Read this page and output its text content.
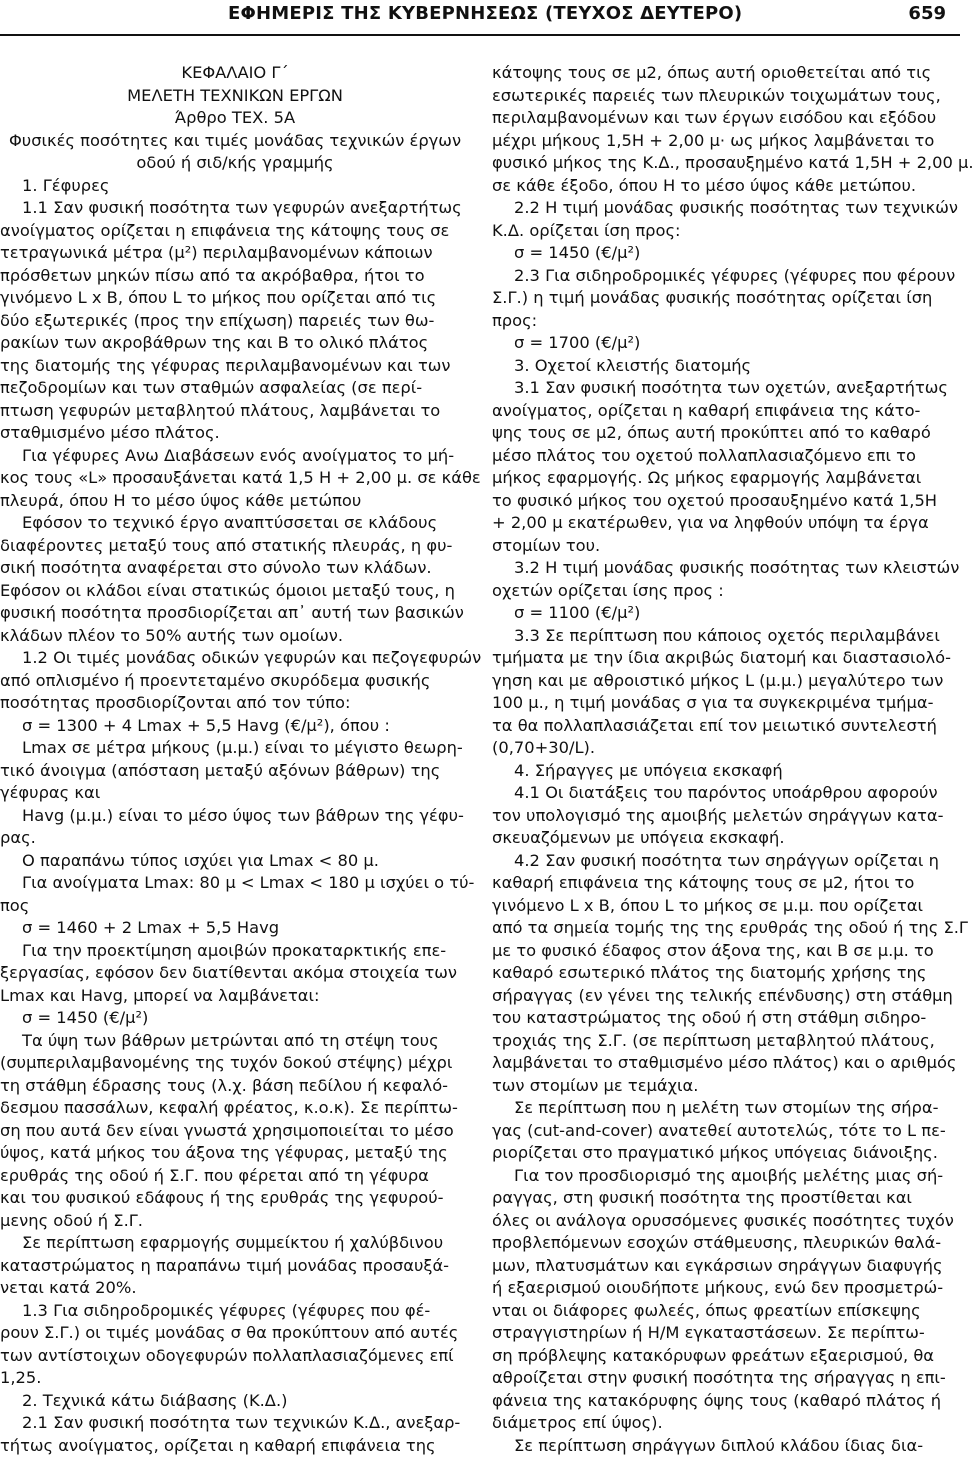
ΕΦΗΜΕΡΙΣ ΤΗΣ ΚΥΒΕΡΝΗΣΕΩΣ (ΤΕΥΧΟΣ ΔΕΥΤΕΡΟ)	659
ΚΕΦΑΛΑΙΟ Γ΄
ΜΕΛΕΤΗ ΤΕΧΝΙΚΩΝ ΕΡΓΩΝ
Άρθρο ΤΕΧ. 5Α
Φυσικές ποσότητες και τιμές μονάδας τεχνικών έργων
οδού ή σιδ/κής γραμμής
1. Γέφυρες
1.1 Σαν φυσική ποσότητα των γεφυρών ανεξαρτήτως
ανοίγματος ορίζεται η επιφάνεια της κάτοψης τους σε
τετραγωνικά μέτρα (μ²) περιλαμβανομένων κάποιων
πρόσθετων μηκών πίσω από τα ακρόβαθρα, ήτοι το
γινόμενο L x B, όπου L το μήκος που ορίζεται από τις
δύο εξωτερικές (προς την επίχωση) παρειές των θω-
ρακίων των ακροβάθρων της και B το ολικό πλάτος
της διατομής της γέφυρας περιλαμβανομένων και των
πεζοδρομίων και των σταθμών ασφαλείας (σε περί-
πτωση γεφυρών μεταβλητού πλάτους, λαμβάνεται το
σταθμισμένο μέσο πλάτος.
Για γέφυρες Ανω Διαβάσεων ενός ανοίγματος το μή-
κος τους «L» προσαυξάνεται κατά 1,5 Η + 2,00 μ. σε κάθε
πλευρά, όπου Η το μέσο ύψος κάθε μετώπου
Εφόσον το τεχνικό έργο αναπτύσσεται σε κλάδους
διαφέροντες μεταξύ τους από στατικής πλευράς, η φυ-
σική ποσότητα αναφέρεται στο σύνολο των κλάδων.
Εφόσον οι κλάδοι είναι στατικώς όμοιοι μεταξύ τους, η
φυσική ποσότητα προσδιορίζεται απ᾽ αυτή των βασικών
κλάδων πλέον το 50% αυτής των ομοίων.
1.2 Οι τιμές μονάδας οδικών γεφυρών και πεζογεφυρών
από οπλισμένο ή προεντεταμένο σκυρόδεμα φυσικής
ποσότητας προσδιορίζονται από τον τύπο:
σ = 1300 + 4 Lmax + 5,5 Havg (€/μ²), όπου :
Lmax σε μέτρα μήκους (μ.μ.) είναι το μέγιστο θεωρη-
τικό άνοιγμα (απόσταση μεταξύ αξόνων βάθρων) της
γέφυρας και
Havg (μ.μ.) είναι το μέσο ύψος των βάθρων της γέφυ-
ρας.
Ο παραπάνω τύπος ισχύει για Lmax < 80 μ.
Για ανοίγματα Lmax: 80 μ < Lmax < 180 μ ισχύει ο τύ-
πος
σ = 1460 + 2 Lmax + 5,5 Havg
Για την προεκτίμηση αμοιβών προκαταρκτικής επε-
ξεργασίας, εφόσον δεν διατίθενται ακόμα στοιχεία των
Lmax και Havg, μπορεί να λαμβάνεται:
σ = 1450 (€/μ²)
Τα ύψη των βάθρων μετρώνται από τη στέψη τους
(συμπεριλαμβανομένης της τυχόν δοκού στέψης) μέχρι
τη στάθμη έδρασης τους (λ.χ. βάση πεδίλου ή κεφαλό-
δεσμου πασσάλων, κεφαλή φρέατος, κ.ο.κ). Σε περίπτω-
ση που αυτά δεν είναι γνωστά χρησιμοποιείται το μέσο
ύψος, κατά μήκος του άξονα της γέφυρας, μεταξύ της
ερυθράς της οδού ή Σ.Γ. που φέρεται από τη γέφυρα
και του φυσικού εδάφους ή της ερυθράς της γεφυρού-
μενης οδού ή Σ.Γ.
Σε περίπτωση εφαρμογής συμμείκτου ή χαλύβδινου
καταστρώματος η παραπάνω τιμή μονάδας προσαυξά-
νεται κατά 20%.
1.3 Για σιδηροδρομικές γέφυρες (γέφυρες που φέ-
ρουν Σ.Γ.) οι τιμές μονάδας σ θα προκύπτουν από αυτές
των αντίστοιχων οδογεφυρών πολλαπλασιαζόμενες επί
1,25.
2. Τεχνικά κάτω διάβασης (Κ.Δ.)
2.1 Σαν φυσική ποσότητα των τεχνικών Κ.Δ., ανεξαρ-
τήτως ανοίγματος, ορίζεται η καθαρή επιφάνεια της
κάτοψης τους σε μ2, όπως αυτή οριοθετείται από τις
εσωτερικές παρειές των πλευρικών τοιχωμάτων τους,
περιλαμβανομένων και των έργων εισόδου και εξόδου
μέχρι μήκους 1,5Η + 2,00 μ· ως μήκος λαμβάνεται το
φυσικό μήκος της Κ.Δ., προσαυξημένο κατά 1,5Η + 2,00 μ.
σε κάθε έξοδο, όπου Η το μέσο ύψος κάθε μετώπου.
2.2 Η τιμή μονάδας φυσικής ποσότητας των τεχνικών
Κ.Δ. ορίζεται ίση προς:
σ = 1450 (€/μ²)
2.3 Για σιδηροδρομικές γέφυρες (γέφυρες που φέρουν
Σ.Γ.) η τιμή μονάδας φυσικής ποσότητας ορίζεται ίση
προς:
σ = 1700 (€/μ²)
3. Οχετοί κλειστής διατομής
3.1 Σαν φυσική ποσότητα των οχετών, ανεξαρτήτως
ανοίγματος, ορίζεται η καθαρή επιφάνεια της κάτο-
ψης τους σε μ2, όπως αυτή προκύπτει από το καθαρό
μέσο πλάτος του οχετού πολλαπλασιαζόμενο επι το
μήκος εφαρμογής. Ως μήκος εφαρμογής λαμβάνεται
το φυσικό μήκος του οχετού προσαυξημένο κατά 1,5Η
+ 2,00 μ εκατέρωθεν, για να ληφθούν υπόψη τα έργα
στομίων του.
3.2 Η τιμή μονάδας φυσικής ποσότητας των κλειστών
οχετών ορίζεται ίσης προς :
σ = 1100 (€/μ²)
3.3 Σε περίπτωση που κάποιος οχετός περιλαμβάνει
τμήματα με την ίδια ακριβώς διατομή και διαστασιολό-
γηση και με αθροιστικό μήκος L (μ.μ.) μεγαλύτερο των
100 μ., η τιμή μονάδας σ για τα συγκεκριμένα τμήμα-
τα θα πολλαπλασιάζεται επί τον μειωτικό συντελεστή
(0,70+30/L).
4. Σήραγγες με υπόγεια εκσκαφή
4.1 Οι διατάξεις του παρόντος υποάρθρου αφορούν
τον υπολογισμό της αμοιβής μελετών σηράγγων κατα-
σκευαζόμενων με υπόγεια εκσκαφή.
4.2 Σαν φυσική ποσότητα των σηράγγων ορίζεται η
καθαρή επιφάνεια της κάτοψης τους σε μ2, ήτοι το
γινόμενο L x B, όπου L το μήκος σε μ.μ. που ορίζεται
από τα σημεία τομής της της ερυθράς της οδού ή της Σ.Γ
με το φυσικό έδαφος στον άξονα της, και B σε μ.μ. το
καθαρό εσωτερικό πλάτος της διατομής χρήσης της
σήραγγας (εν γένει της τελικής επένδυσης) στη στάθμη
του καταστρώματος της οδού ή στη στάθμη σιδηρο-
τροχιάς της Σ.Γ. (σε περίπτωση μεταβλητού πλάτους,
λαμβάνεται το σταθμισμένο μέσο πλάτος) και ο αριθμός
των στομίων με τεμάχια.
Σε περίπτωση που η μελέτη των στομίων της σήρα-
γας (cut-and-cover) ανατεθεί αυτοτελώς, τότε το L πε-
ριορίζεται στο πραγματικό μήκος υπόγειας διάνοιξης.
Για τον προσδιορισμό της αμοιβής μελέτης μιας σή-
ραγγας, στη φυσική ποσότητα της προστίθεται και
όλες οι ανάλογα ορυσσόμενες φυσικές ποσότητες τυχόν
προβλεπόμενων εσοχών στάθμευσης, πλευρικών θαλά-
μων, πλατυσμάτων και εγκάρσιων σηράγγων διαφυγής
ή εξαερισμού οιουδήποτε μήκους, ενώ δεν προσμετρώ-
νται οι διάφορες φωλεές, όπως φρεατίων επίσκεψης
στραγγιστηρίων ή Η/Μ εγκαταστάσεων. Σε περίπτω-
ση πρόβλεψης κατακόρυφων φρεάτων εξαερισμού, θα
αθροίζεται στην φυσική ποσότητα της σήραγγας η επι-
φάνεια της κατακόρυφης όψης τους (καθαρό πλάτος ή
διάμετρος επί ύψος).
Σε περίπτωση σηράγγων διπλού κλάδου ίδιας δια-
